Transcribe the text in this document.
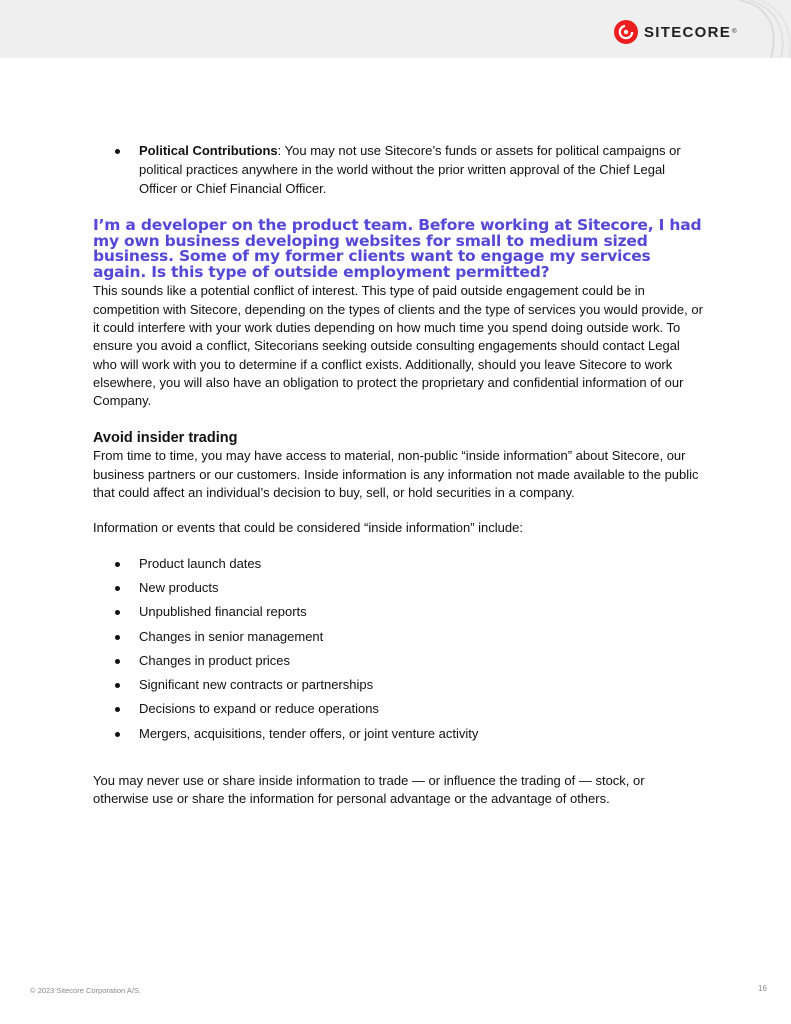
SITECORE ®
Political Contributions: You may not use Sitecore’s funds or assets for political campaigns or political practices anywhere in the world without the prior written approval of the Chief Legal Officer or Chief Financial Officer.

I’m a developer on the product team. Before working at Sitecore, I had my own business developing websites for small to medium sized business. Some of my former clients want to engage my services again. Is this type of outside employment permitted?

This sounds like a potential conflict of interest. This type of paid outside engagement could be in competition with Sitecore, depending on the types of clients and the type of services you would provide, or it could interfere with your work duties depending on how much time you spend doing outside work. To ensure you avoid a conflict, Sitecorians seeking outside consulting engagements should contact Legal who will work with you to determine if a conflict exists. Additionally, should you leave Sitecore to work elsewhere, you will also have an obligation to protect the proprietary and confidential information of our Company.

Avoid insider trading

From time to time, you may have access to material, non-public “inside information” about Sitecore, our business partners or our customers. Inside information is any information not made available to the public that could affect an individual’s decision to buy, sell, or hold securities in a company.

Information or events that could be considered “inside information” include:

Product launch dates
New products
Unpublished financial reports
Changes in senior management
Changes in product prices
Significant new contracts or partnerships
Decisions to expand or reduce operations
Mergers, acquisitions, tender offers, or joint venture activity

You may never use or share inside information to trade — or influence the trading of — stock, or otherwise use or share the information for personal advantage or the advantage of others.

© 2023 Sitecore Corporation A/S.	16
